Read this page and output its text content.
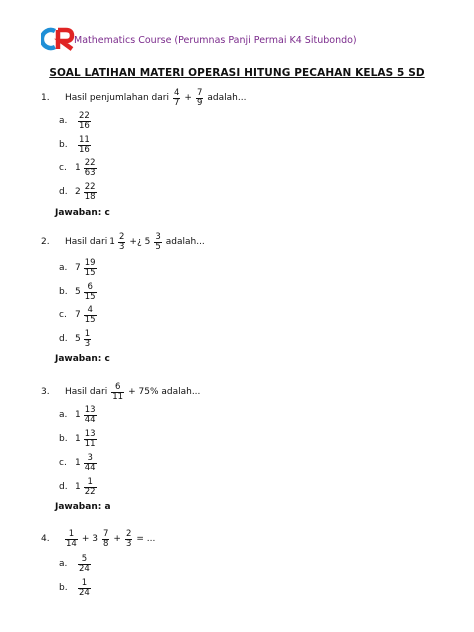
Mathematics Course (Perumnas Panji Permai K4 Situbondo)
SOAL LATIHAN MATERI OPERASI HITUNG PECAHAN KELAS 5 SD
1.	Hasil penjumlahan dari $\frac{4}{7} + \frac{7}{9}$ adalah...
a.	$\frac{22}{16}$
b.	$\frac{11}{16}$
c. $1 \frac{22}{63}$
d. $2 \frac{22}{18}$
Jawaban: c
2.	Hasil dari $1 \frac{2}{3}$ +¿ $5 \frac{3}{5}$ adalah...
a. $7 \frac{19}{15}$
b. $5 \frac{6}{15}$
c. $7 \frac{4}{15}$
d. $5 \frac{1}{3}$
Jawaban: c
3.	Hasil dari $\frac{6}{11} + 75\%$ adalah...
a. $1 \frac{13}{44}$
b. $1 \frac{13}{11}$
c. $1 \frac{3}{44}$
d. $1 \frac{1}{22}$
Jawaban: a
4.	$\frac{1}{14} + 3 \frac{7}{8} + \frac{2}{3}$ = ...
a.	$\frac{5}{24}$
b.	$\frac{1}{24}$
